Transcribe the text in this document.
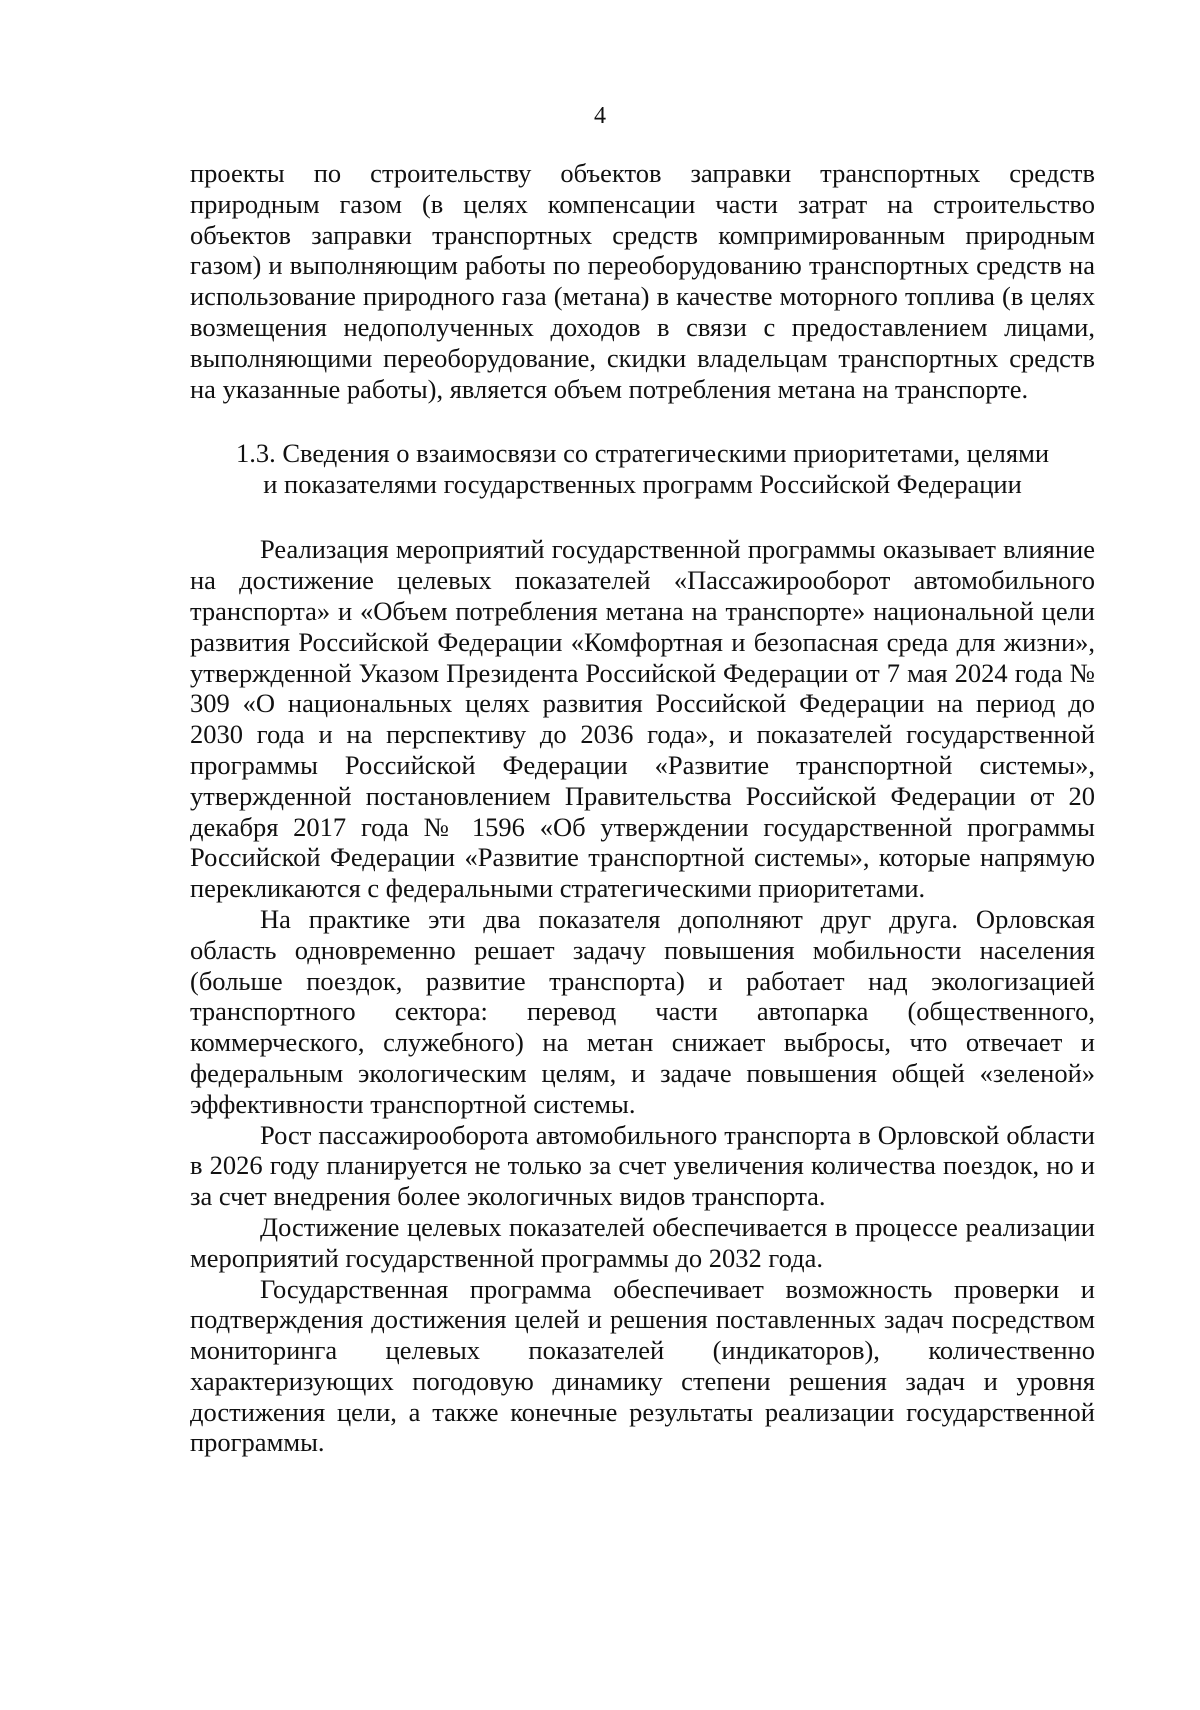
4

проекты по строительству объектов заправки транспортных средств природным газом (в целях компенсации части затрат на строительство объектов заправки транспортных средств компримированным природным газом) и выполняющим работы по переоборудованию транспортных средств на использование природного газа (метана) в качестве моторного топлива (в целях возмещения недополученных доходов в связи с предоставлением лицами, выполняющими переоборудование, скидки владельцам транспортных средств на указанные работы), является объем потребления метана на транспорте.

1.3. Сведения о взаимосвязи со стратегическими приоритетами, целями
и показателями государственных программ Российской Федерации

Реализация мероприятий государственной программы оказывает влияние на достижение целевых показателей «Пассажирооборот автомобильного транспорта» и «Объем потребления метана на транспорте» национальной цели развития Российской Федерации «Комфортная и безопасная среда для жизни», утвержденной Указом Президента Российской Федерации от 7 мая 2024 года № 309 «О национальных целях развития Российской Федерации на период до 2030 года и на перспективу до 2036 года», и показателей государственной программы Российской Федерации «Развитие транспортной системы», утвержденной постановлением Правительства Российской Федерации от 20 декабря 2017 года № 1596 «Об утверждении государственной программы Российской Федерации «Развитие транспортной системы», которые напрямую перекликаются с федеральными стратегическими приоритетами.

На практике эти два показателя дополняют друг друга. Орловская область одновременно решает задачу повышения мобильности населения (больше поездок, развитие транспорта) и работает над экологизацией транспортного сектора: перевод части автопарка (общественного, коммерческого, служебного) на метан снижает выбросы, что отвечает и федеральным экологическим целям, и задаче повышения общей «зеленой» эффективности транспортной системы.

Рост пассажирооборота автомобильного транспорта в Орловской области в 2026 году планируется не только за счет увеличения количества поездок, но и за счет внедрения более экологичных видов транспорта.

Достижение целевых показателей обеспечивается в процессе реализации мероприятий государственной программы до 2032 года.

Государственная программа обеспечивает возможность проверки и подтверждения достижения целей и решения поставленных задач посредством мониторинга целевых показателей (индикаторов), количественно характеризующих погодовую динамику степени решения задач и уровня достижения цели, а также конечные результаты реализации государственной программы.
